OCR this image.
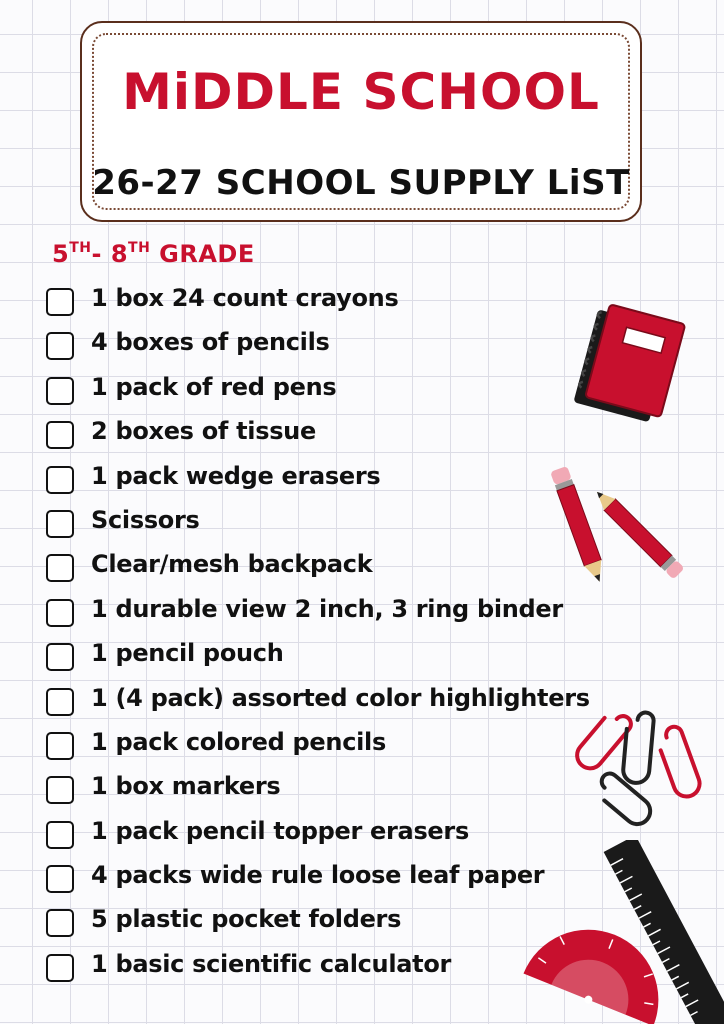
MiDDLE SCHOOL
26-27 SCHOOL SUPPLY LiST
5TH- 8TH GRADE
1 box 24 count crayons
4 boxes of pencils
1 pack of red pens
2 boxes of tissue
1 pack wedge erasers
Scissors
Clear/mesh backpack
1 durable view 2 inch, 3 ring binder
1 pencil pouch
1 (4 pack) assorted color highlighters
1 pack colored pencils
1 box markers
1 pack pencil topper erasers
4 packs wide rule loose leaf paper
5 plastic pocket folders
1 basic scientific calculator
